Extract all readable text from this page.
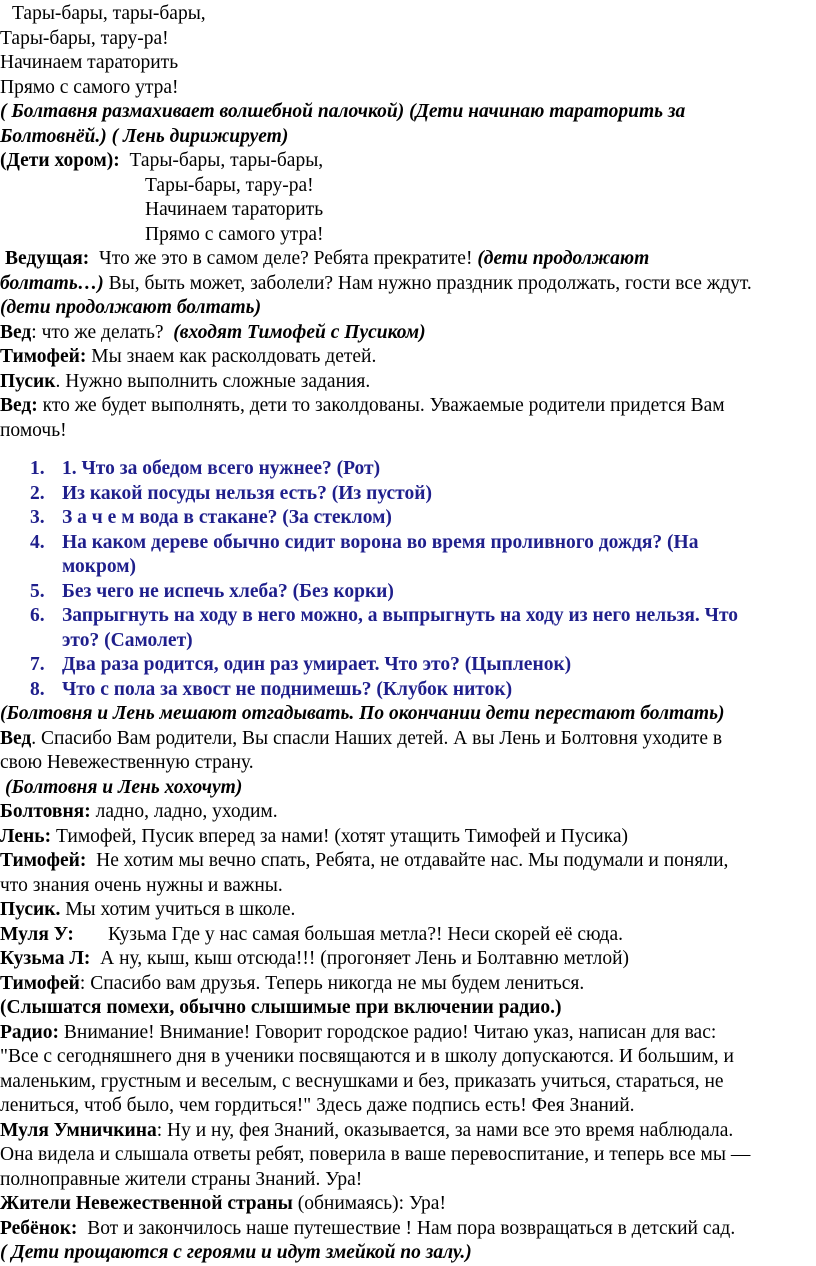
Тары-бары, тары-бары,
Тары-бары, тару-ра!
Начинаем тараторить
Прямо с самого утра!
( Болтавня размахивает волшебной палочкой) (Дети начинаю тараторить за
Болтовнёй.) ( Лень дирижирует)
(Дети хором): Тары-бары, тары-бары,
Тары-бары, тару-ра!
Начинаем тараторить
Прямо с самого утра!
Ведущая: Что же это в самом деле? Ребята прекратите! (дети продолжают
болтать…) Вы, быть может, заболели? Нам нужно праздник продолжать, гости все ждут.
(дети продолжают болтать)
Вед: что же делать? (входят Тимофей с Пусиком)
Тимофей: Мы знаем как расколдовать детей.
Пусик. Нужно выполнить сложные задания.
Вед: кто же будет выполнять, дети то заколдованы. Уважаемые родители придется Вам
помочь!
1. 1. Что за обедом всего нужнее? (Рот)
2. Из какой посуды нельзя есть? (Из пустой)
3. З а ч е м вода в стакане? (За стеклом)
4. На каком дереве обычно сидит ворона во время проливного дождя? (На
мокром)
5. Без чего не испечь хлеба? (Без корки)
6. Запрыгнуть на ходу в него можно, а выпрыгнуть на ходу из него нельзя. Что
это? (Самолет)
7. Два раза родится, один раз умирает. Что это? (Цыпленок)
8. Что с пола за хвост не поднимешь? (Клубок ниток)
(Болтовня и Лень мешают отгадывать. По окончании дети перестают болтать)
Вед. Спасибо Вам родители, Вы спасли Наших детей. А вы Лень и Болтовня уходите в
свою Невежественную страну.
(Болтовня и Лень хохочут)
Болтовня: ладно, ладно, уходим.
Лень: Тимофей, Пусик вперед за нами! (хотят утащить Тимофей и Пусика)
Тимофей: Не хотим мы вечно спать, Ребята, не отдавайте нас. Мы подумали и поняли,
что знания очень нужны и важны.
Пусик. Мы хотим учиться в школе.
Муля У: Кузьма Где у нас самая большая метла?! Неси скорей её сюда.
Кузьма Л: А ну, кыш, кыш отсюда!!! (прогоняет Лень и Болтавню метлой)
Тимофей: Спасибо вам друзья. Теперь никогда не мы будем лениться.
(Слышатся помехи, обычно слышимые при включении радио.)
Радио: Внимание! Внимание! Говорит городское радио! Читаю указ, написан для вас:
"Все с сегодняшнего дня в ученики посвящаются и в школу допускаются. И большим, и
маленьким, грустным и веселым, с веснушками и без, приказать учиться, стараться, не
лениться, чтоб было, чем гордиться!" Здесь даже подпись есть! Фея Знаний.
Муля Умничкина: Ну и ну, фея Знаний, оказывается, за нами все это время наблюдала.
Она видела и слышала ответы ребят, поверила в ваше перевоспитание, и теперь все мы —
полноправные жители страны Знаний. Ура!
Жители Невежественной страны (обнимаясь): Ура!
Ребёнок: Вот и закончилось наше путешествие ! Нам пора возвращаться в детский сад.
( Дети прощаются с героями и идут змейкой по залу.)
